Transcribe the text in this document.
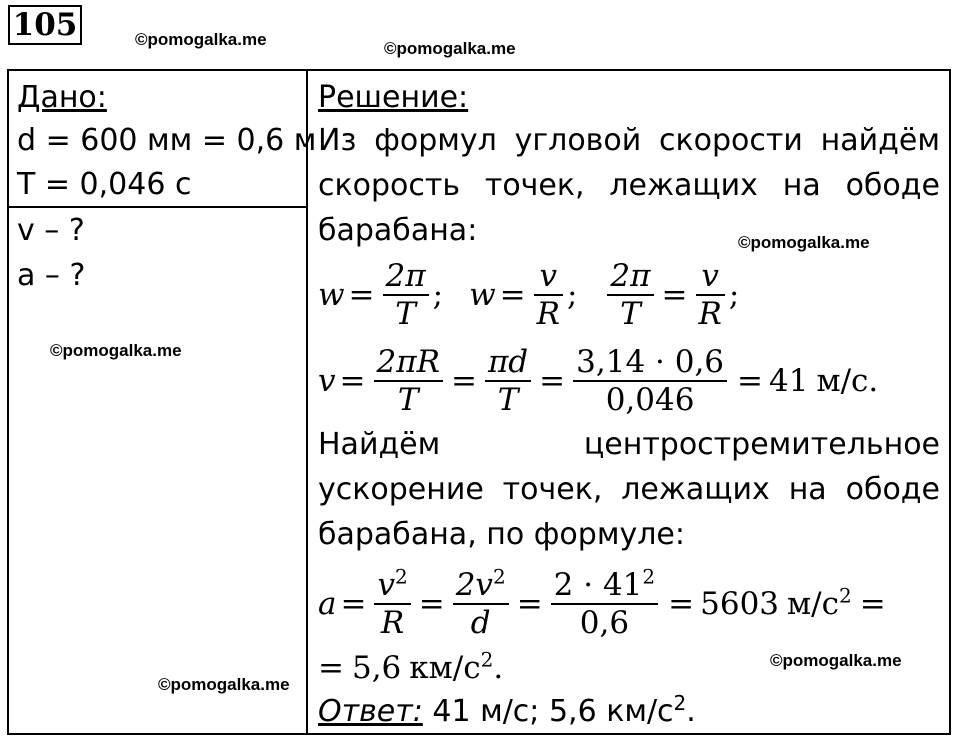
105	©pomogalka.me	©pomogalka.me
©pomogalka.me
©pomogalka.me
©pomogalka.me
©pomogalka.me
Дано:
d = 600 мм = 0,6 м
T = 0,046 с
v – ?
a – ?
Решение:
Из формул угловой скорости найдём
скорость точек, лежащих на ободе
барабана:
$w = \frac{2\pi}{T}$ ; $w = \frac{v}{R}$ ; $\frac{2\pi}{T} = \frac{v}{R}$ ;
$v = \frac{2\pi R}{T} = \frac{\pi d}{T} = \frac{3,14 \cdot 0,6}{0,046} = 41$ м/с.
Найдём центростремительное
ускорение точек, лежащих на ободе
барабана, по формуле:
$a = \frac{v^2}{R} = \frac{2v^2}{d} = \frac{2 \cdot 41^2}{0,6} = 5603$ $м/с^2$ =
= 5,6 $км/с^2$ .
Ответ: 41 м/с; 5,6 $км/с^2$.
